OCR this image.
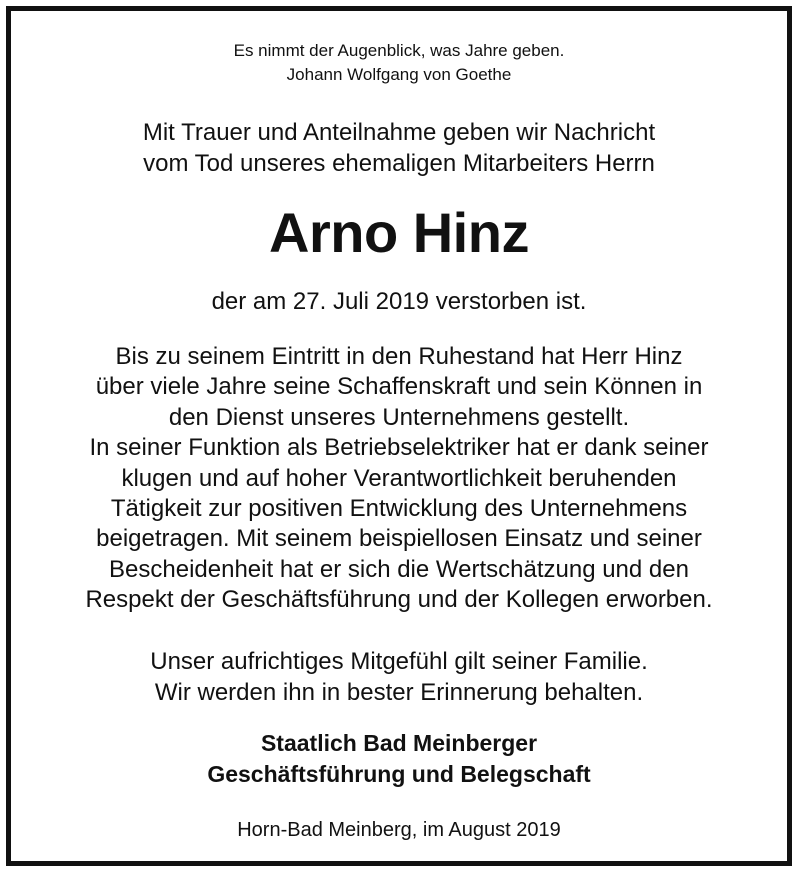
Es nimmt der Augenblick, was Jahre geben.
Johann Wolfgang von Goethe
Mit Trauer und Anteilnahme geben wir Nachricht
vom Tod unseres ehemaligen Mitarbeiters Herrn
Arno Hinz
der am 27. Juli 2019 verstorben ist.
Bis zu seinem Eintritt in den Ruhestand hat Herr Hinz
über viele Jahre seine Schaffenskraft und sein Können in
den Dienst unseres Unternehmens gestellt.
In seiner Funktion als Betriebselektriker hat er dank seiner
klugen und auf hoher Verantwortlichkeit beruhenden
Tätigkeit zur positiven Entwicklung des Unternehmens
beigetragen. Mit seinem beispiellosen Einsatz und seiner
Bescheidenheit hat er sich die Wertschätzung und den
Respekt der Geschäftsführung und der Kollegen erworben.
Unser aufrichtiges Mitgefühl gilt seiner Familie.
Wir werden ihn in bester Erinnerung behalten.
Staatlich Bad Meinberger
Geschäftsführung und Belegschaft
Horn-Bad Meinberg, im August 2019
